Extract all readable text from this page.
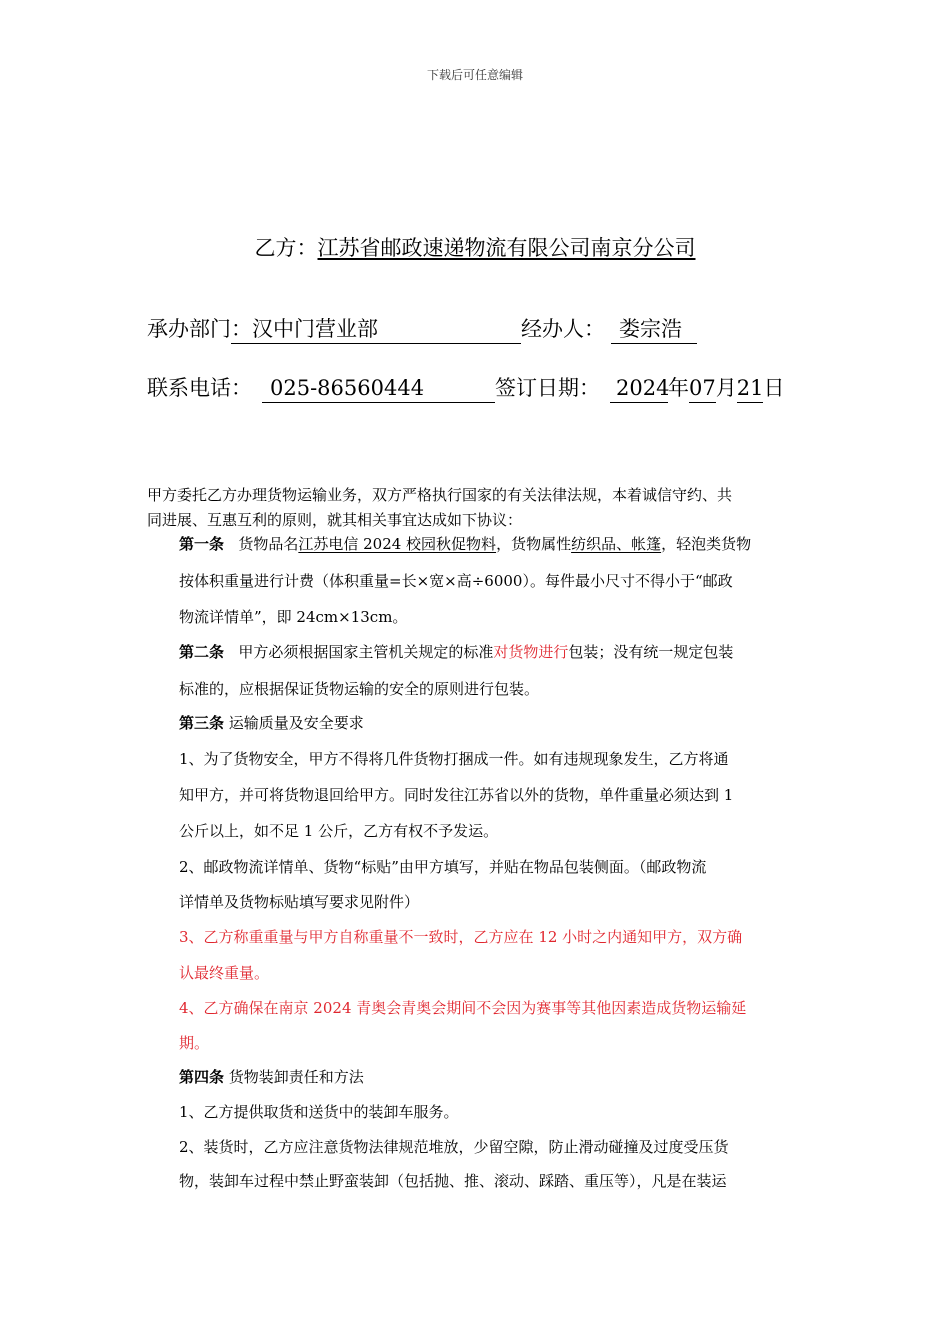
下载后可任意编辑
乙方：江苏省邮政速递物流有限公司南京分公司
承办部门：汉中门营业部	经办人： 娄宗浩
联系电话： 025-86560444	签订日期： 2024年07月21日
甲方委托乙方办理货物运输业务，双方严格执行国家的有关法律法规，本着诚信守约、共
同进展、互惠互利的原则，就其相关事宜达成如下协议：
第一条 货物品名江苏电信 2024 校园秋促物料，货物属性纺织品、帐篷，轻泡类货物
按体积重量进行计费（体积重量=长×宽×高÷6000）。每件最小尺寸不得小于“邮政
物流详情单”，即 24cm×13cm。
第二条 甲方必须根据国家主管机关规定的标准对货物进行包装；没有统一规定包装
标准的，应根据保证货物运输的安全的原则进行包装。
第三条 运输质量及安全要求
1、为了货物安全，甲方不得将几件货物打捆成一件。如有违规现象发生，乙方将通
知甲方，并可将货物退回给甲方。同时发往江苏省以外的货物，单件重量必须达到 1
公斤以上，如不足 1 公斤，乙方有权不予发运。
2、邮政物流详情单、货物“标贴”由甲方填写，并贴在物品包装侧面。（邮政物流
详情单及货物标贴填写要求见附件）
3、乙方称重重量与甲方自称重量不一致时，乙方应在 12 小时之内通知甲方，双方确
认最终重量。
4、乙方确保在南京 2024 青奥会青奥会期间不会因为赛事等其他因素造成货物运输延
期。
第四条 货物装卸责任和方法
1、乙方提供取货和送货中的装卸车服务。
2、装货时，乙方应注意货物法律规范堆放，少留空隙，防止滑动碰撞及过度受压货
物，装卸车过程中禁止野蛮装卸（包括抛、推、滚动、踩踏、重压等），凡是在装运
